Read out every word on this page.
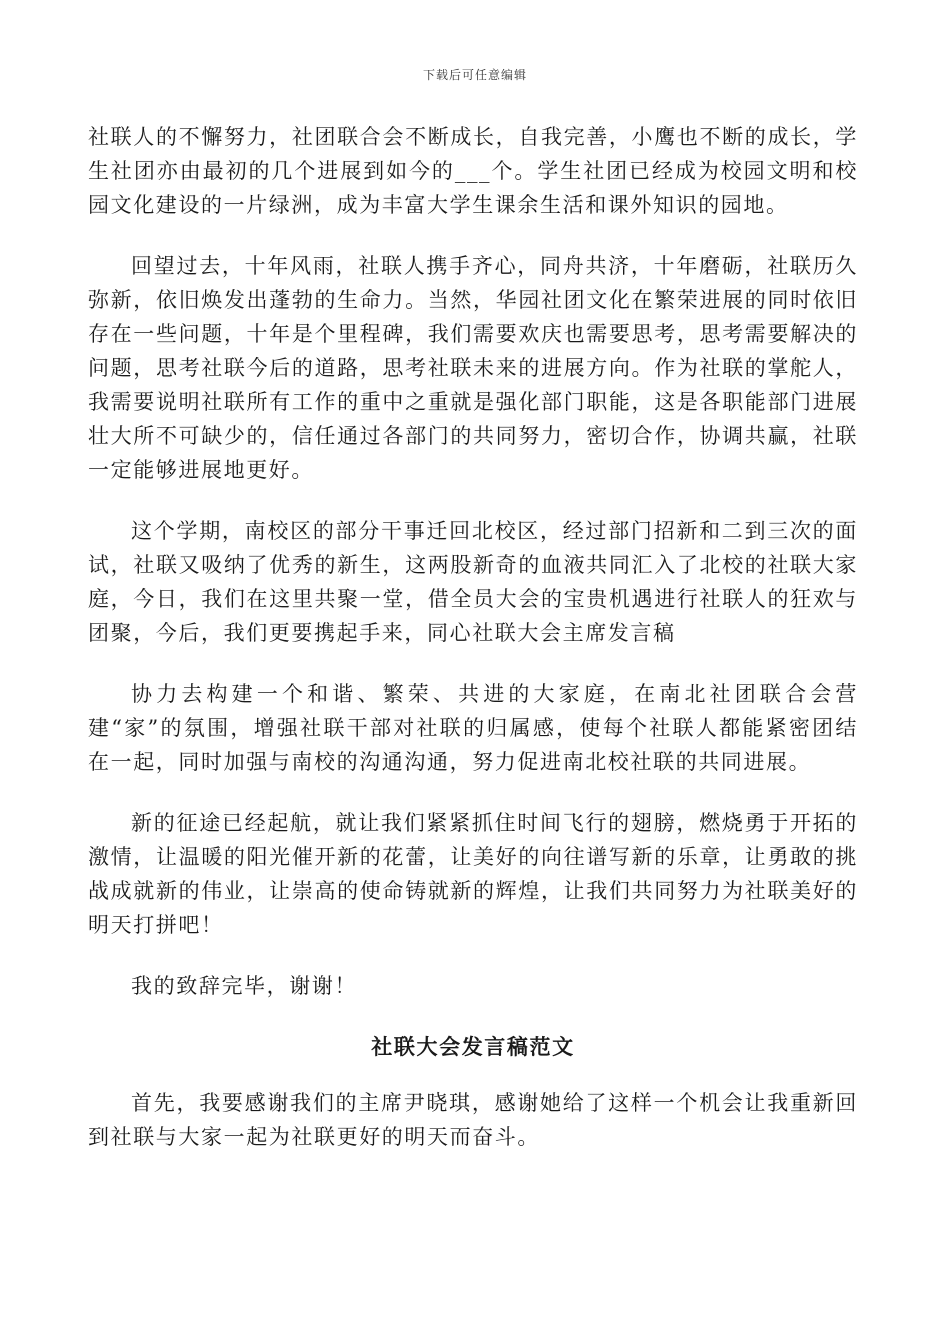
下载后可任意编辑

社联人的不懈努力，社团联合会不断成长，自我完善，小鹰也不断的成长，学生社团亦由最初的几个进展到如今的___个。学生社团已经成为校园文明和校园文化建设的一片绿洲，成为丰富大学生课余生活和课外知识的园地。

回望过去，十年风雨，社联人携手齐心，同舟共济，十年磨砺，社联历久弥新，依旧焕发出蓬勃的生命力。当然，华园社团文化在繁荣进展的同时依旧存在一些问题，十年是个里程碑，我们需要欢庆也需要思考，思考需要解决的问题，思考社联今后的道路，思考社联未来的进展方向。作为社联的掌舵人，我需要说明社联所有工作的重中之重就是强化部门职能，这是各职能部门进展壮大所不可缺少的，信任通过各部门的共同努力，密切合作，协调共赢，社联一定能够进展地更好。

这个学期，南校区的部分干事迁回北校区，经过部门招新和二到三次的面试，社联又吸纳了优秀的新生，这两股新奇的血液共同汇入了北校的社联大家庭，今日，我们在这里共聚一堂，借全员大会的宝贵机遇进行社联人的狂欢与团聚，今后，我们更要携起手来，同心社联大会主席发言稿

协力去构建一个和谐、繁荣、共进的大家庭，在南北社团联合会营建“家”的氛围，增强社联干部对社联的归属感，使每个社联人都能紧密团结在一起，同时加强与南校的沟通沟通，努力促进南北校社联的共同进展。

新的征途已经起航，就让我们紧紧抓住时间飞行的翅膀，燃烧勇于开拓的激情，让温暖的阳光催开新的花蕾，让美好的向往谱写新的乐章，让勇敢的挑战成就新的伟业，让崇高的使命铸就新的辉煌，让我们共同努力为社联美好的明天打拼吧！

我的致辞完毕，谢谢！

社联大会发言稿范文

首先，我要感谢我们的主席尹晓琪，感谢她给了这样一个机会让我重新回到社联与大家一起为社联更好的明天而奋斗。
